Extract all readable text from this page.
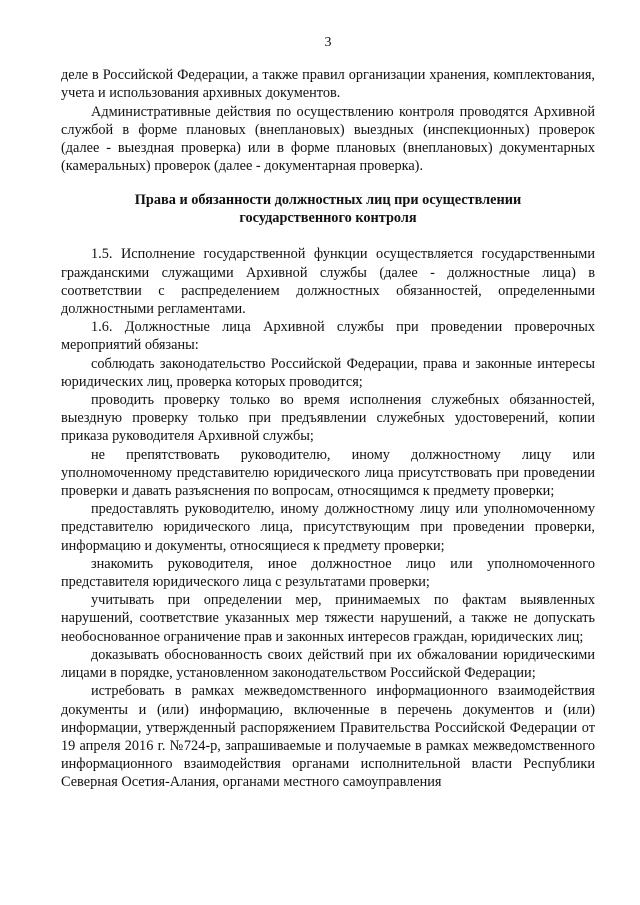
3

деле в Российской Федерации, а также правил организации хранения, комплектования, учета и использования архивных документов.

Административные действия по осуществлению контроля проводятся Архивной службой в форме плановых (внеплановых) выездных (инспекционных) проверок (далее - выездная проверка) или в форме плановых (внеплановых) документарных (камеральных) проверок (далее - документарная проверка).

Права и обязанности должностных лиц при осуществлении
государственного контроля

1.5. Исполнение государственной функции осуществляется государственными гражданскими служащими Архивной службы (далее - должностные лица) в соответствии с распределением должностных обязанностей, определенными должностными регламентами.

1.6. Должностные лица Архивной службы при проведении проверочных мероприятий обязаны:

соблюдать законодательство Российской Федерации, права и законные интересы юридических лиц, проверка которых проводится;

проводить проверку только во время исполнения служебных обязанностей, выездную проверку только при предъявлении служебных удостоверений, копии приказа руководителя Архивной службы;

не препятствовать руководителю, иному должностному лицу или уполномоченному представителю юридического лица присутствовать при проведении проверки и давать разъяснения по вопросам, относящимся к предмету проверки;

предоставлять руководителю, иному должностному лицу или уполномоченному представителю юридического лица, присутствующим при проведении проверки, информацию и документы, относящиеся к предмету проверки;

знакомить руководителя, иное должностное лицо или уполномоченного представителя юридического лица с результатами проверки;

учитывать при определении мер, принимаемых по фактам выявленных нарушений, соответствие указанных мер тяжести нарушений, а также не допускать необоснованное ограничение прав и законных интересов граждан, юридических лиц;

доказывать обоснованность своих действий при их обжаловании юридическими лицами в порядке, установленном законодательством Российской Федерации;

истребовать в рамках межведомственного информационного взаимодействия документы и (или) информацию, включенные в перечень документов и (или) информации, утвержденный распоряжением Правительства Российской Федерации от 19 апреля 2016 г. №724-р, запрашиваемые и получаемые в рамках межведомственного информационного взаимодействия органами исполнительной власти Республики Северная Осетия-Алания, органами местного самоуправления
